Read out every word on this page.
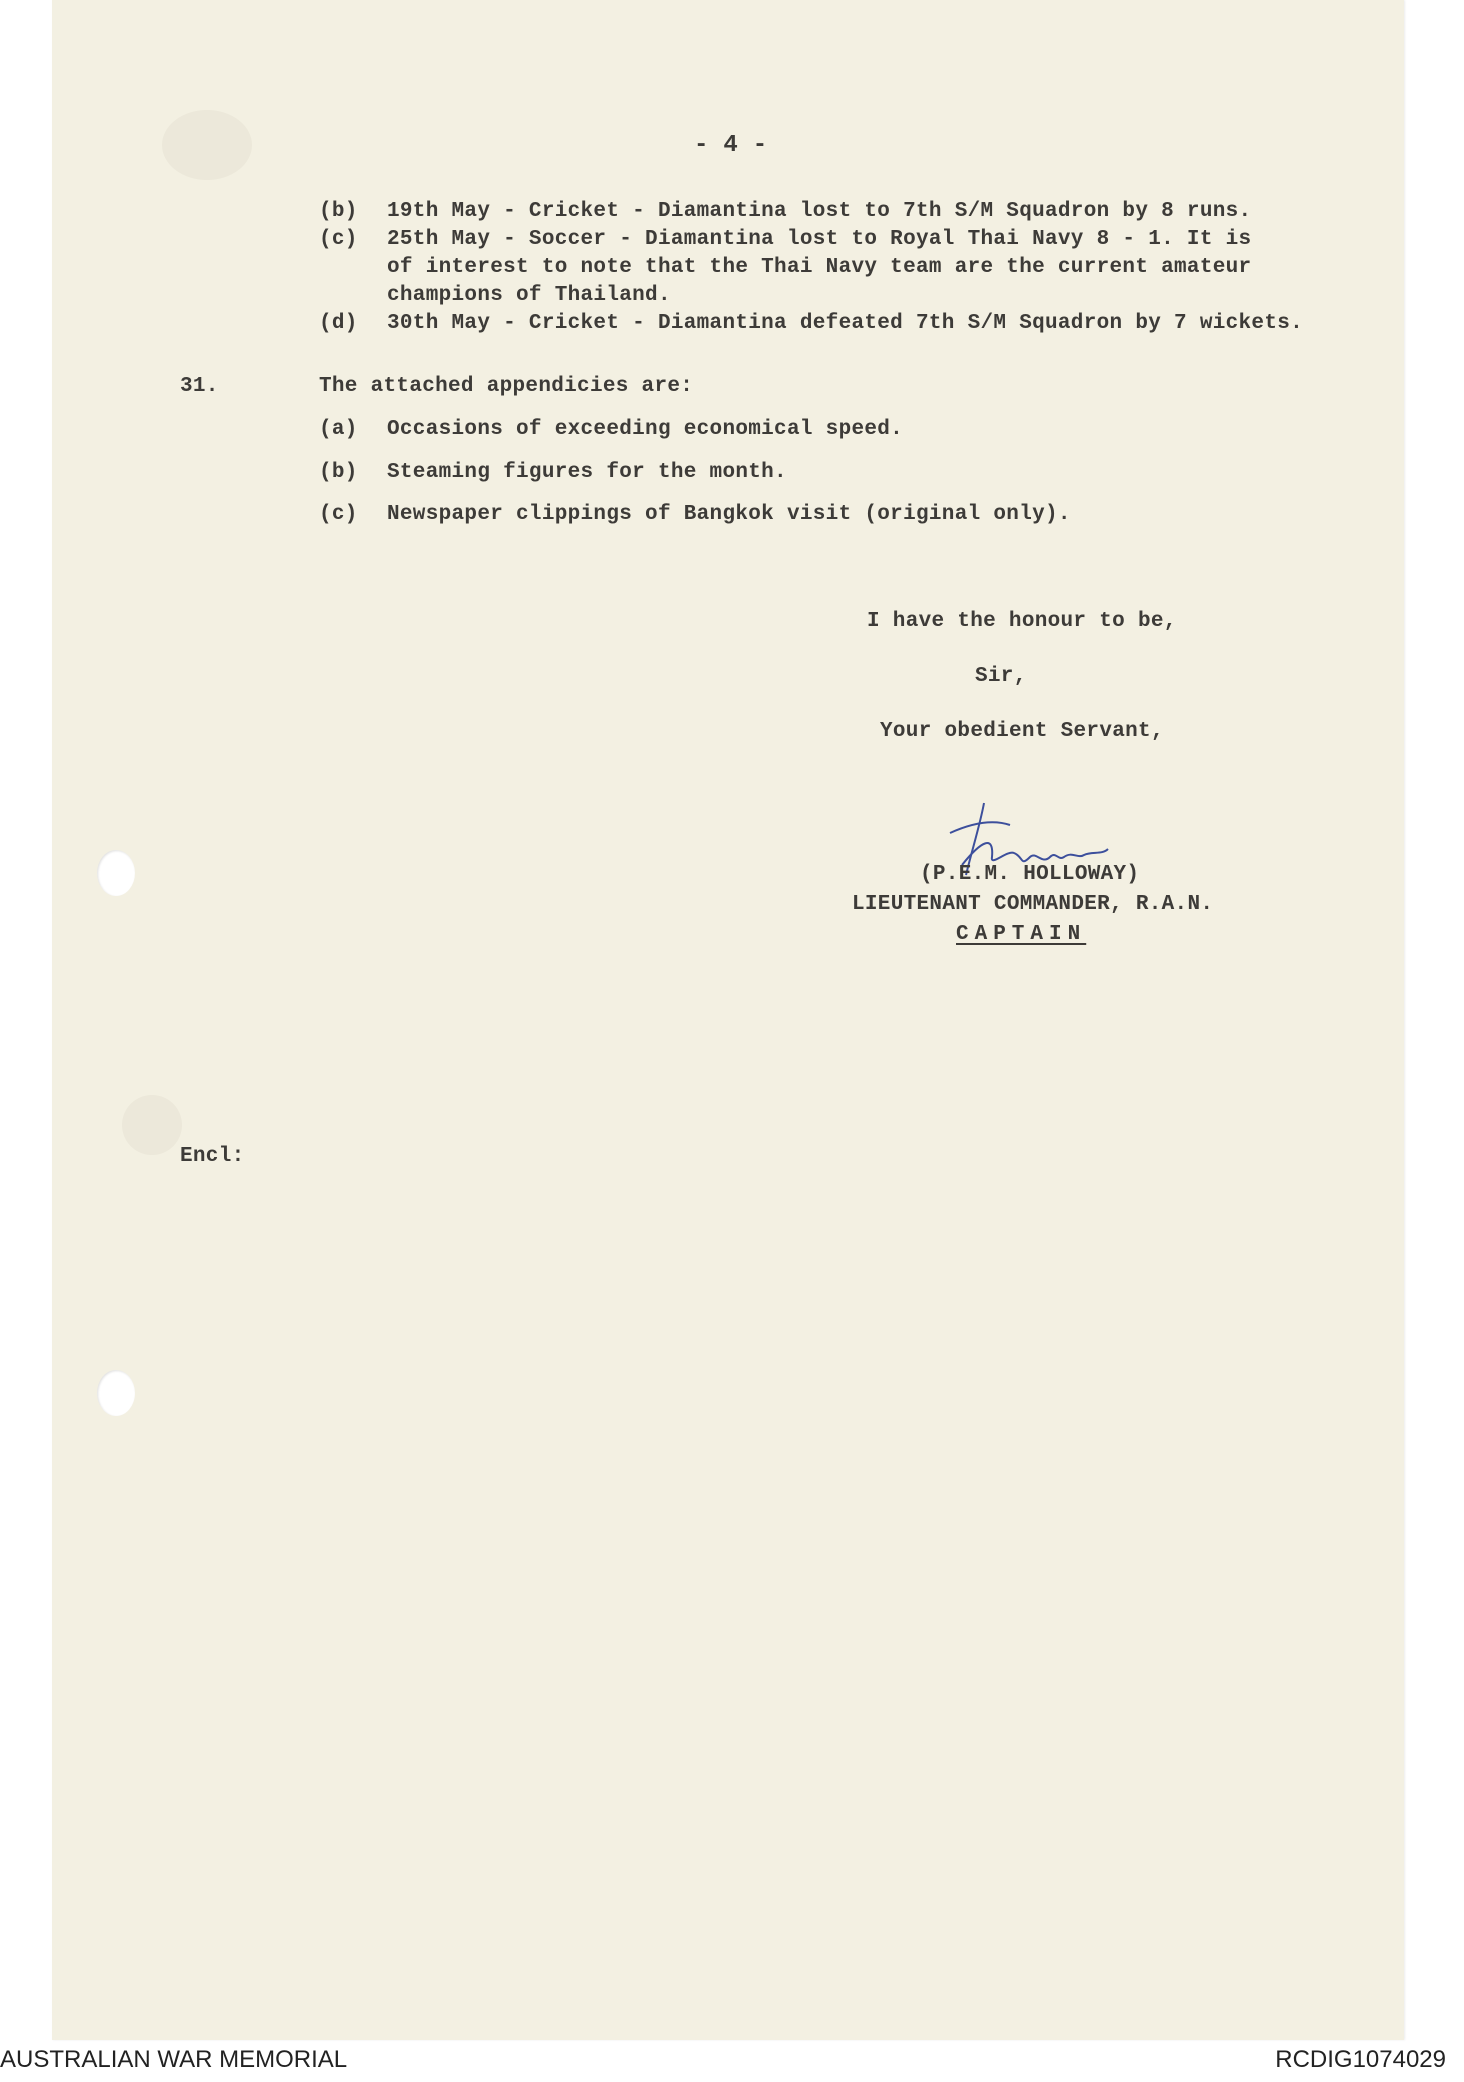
- 4 -
(b) 19th May - Cricket - Diamantina lost to 7th S/M Squadron by 8 runs.
(c) 25th May - Soccer - Diamantina lost to Royal Thai Navy 8 - 1. It is
of interest to note that the Thai Navy team are the current amateur
champions of Thailand.
(d) 30th May - Cricket - Diamantina defeated 7th S/M Squadron by 7 wickets.
31.	The attached appendicies are:
(a) Occasions of exceeding economical speed.
(b) Steaming figures for the month.
(c) Newspaper clippings of Bangkok visit (original only).
I have the honour to be,
Sir,
Your obedient Servant,
(P.E.M. HOLLOWAY)
LIEUTENANT COMMANDER, R.A.N.
CAPTAIN
Encl:
AUSTRALIAN WAR MEMORIAL	RCDIG1074029
